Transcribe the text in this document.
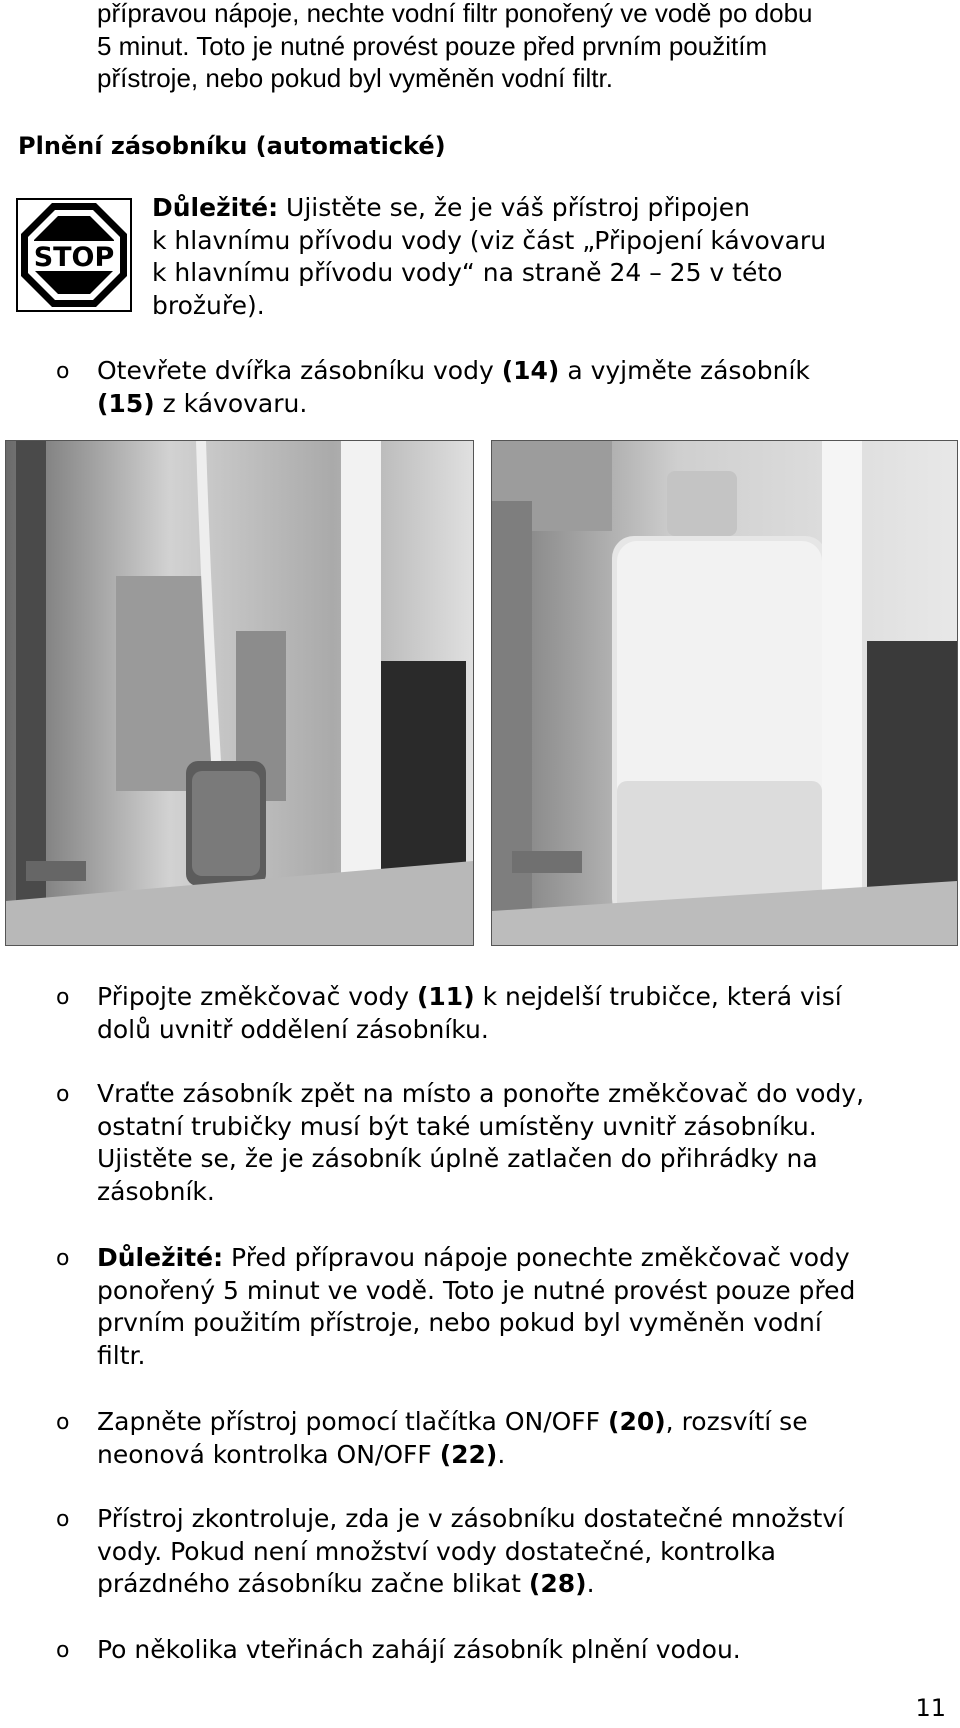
přípravou nápoje, nechte vodní filtr ponořený ve vodě po dobu
5 minut. Toto je nutné provést pouze před prvním použitím
přístroje, nebo pokud byl vyměněn vodní filtr.
Plnění zásobníku (automatické)
STOP
Důležité: Ujistěte se, že je váš přístroj připojen
k hlavnímu přívodu vody (viz část „Připojení kávovaru
k hlavnímu přívodu vody“ na straně 24 – 25 v této
brožuře).
o Otevřete dvířka zásobníku vody (14) a vyjměte zásobník
(15) z kávovaru.
o Připojte změkčovač vody (11) k nejdelší trubičce, která visí
dolů uvnitř oddělení zásobníku.
o Vraťte zásobník zpět na místo a ponořte změkčovač do vody,
ostatní trubičky musí být také umístěny uvnitř zásobníku.
Ujistěte se, že je zásobník úplně zatlačen do přihrádky na
zásobník.
o Důležité: Před přípravou nápoje ponechte změkčovač vody
ponořený 5 minut ve vodě. Toto je nutné provést pouze před
prvním použitím přístroje, nebo pokud byl vyměněn vodní
filtr.
o Zapněte přístroj pomocí tlačítka ON/OFF (20), rozsvítí se
neonová kontrolka ON/OFF (22).
o Přístroj zkontroluje, zda je v zásobníku dostatečné množství
vody. Pokud není množství vody dostatečné, kontrolka
prázdného zásobníku začne blikat (28).
o Po několika vteřinách zahájí zásobník plnění vodou.
11
